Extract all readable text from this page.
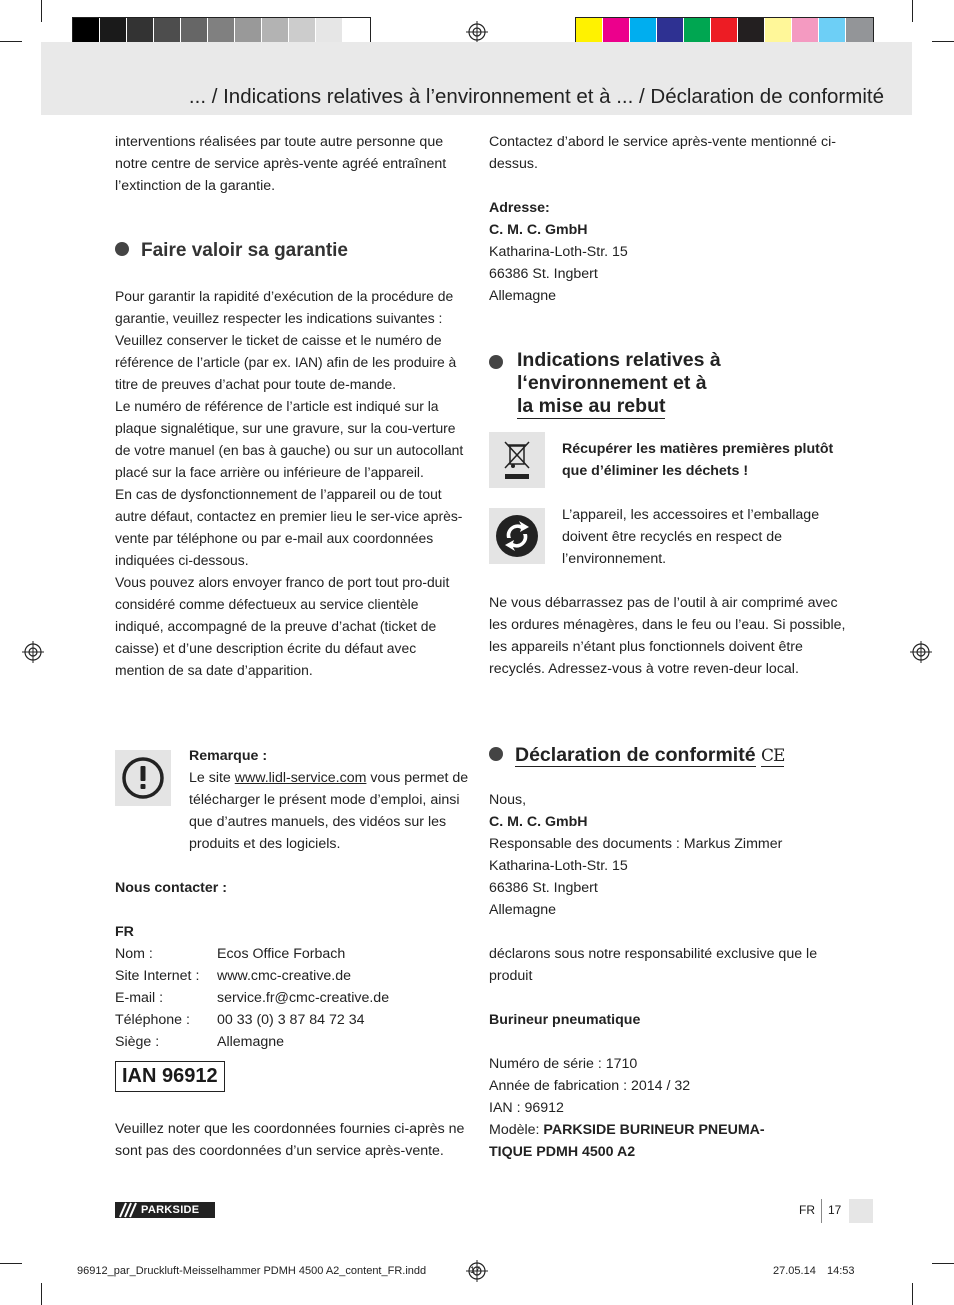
... / Indications relatives à l’environnement et à ... / Déclaration de conformité

interventions réalisées par toute autre personne que notre centre de service après-vente agréé entraînent l’extinction de la garantie.

Faire valoir sa garantie

Pour garantir la rapidité d’exécution de la procédure de garantie, veuillez respecter les indications suivantes : Veuillez conserver le ticket de caisse et le numéro de référence de l’article (par ex. IAN) afin de les produire à titre de preuves d’achat pour toute de-mande.

Le numéro de référence de l’article est indiqué sur la plaque signalétique, sur une gravure, sur la cou-verture de votre manuel (en bas à gauche) ou sur un autocollant placé sur la face arrière ou inférieure de l’appareil.

En cas de dysfonctionnement de l’appareil ou de tout autre défaut, contactez en premier lieu le ser-vice après-vente par téléphone ou par e-mail aux coordonnées indiquées ci-dessous.

Vous pouvez alors envoyer franco de port tout pro-duit considéré comme défectueux au service clientèle indiqué, accompagné de la preuve d’achat (ticket de caisse) et d’une description écrite du défaut avec mention de sa date d’apparition.

Remarque :

Le site www.lidl-service.com vous permet de télécharger le présent mode d’emploi, ainsi que d’autres manuels, des vidéos sur les produits et des logiciels.

Nous contacter :

FR

Nom :	Ecos Office Forbach
Site Internet :	www.cmc-creative.de
E-mail :	service.fr@cmc-creative.de
Téléphone :	00 33 (0) 3 87 84 72 34
Siège :	Allemagne
IAN 96912

Veuillez noter que les coordonnées fournies ci-après ne sont pas des coordonnées d’un service après-vente.

Contactez d’abord le service après-vente mentionné ci-dessus.

Adresse:

C. M. C. GmbH

Katharina-Loth-Str. 15

66386 St. Ingbert

Allemagne

Indications relatives à
l‘environnement et à
la mise au rebut

Récupérer les matières premières plutôt que d’éliminer les déchets !

L’appareil, les accessoires et l’emballage doivent être recyclés en respect de l’environnement.

Ne vous débarrassez pas de l’outil à air comprimé avec les ordures ménagères, dans le feu ou l’eau. Si possible, les appareils n’étant plus fonctionnels doivent être recyclés. Adressez-vous à votre reven-deur local.

Déclaration de conformité CE

Nous,

C. M. C. GmbH

Responsable des documents : Markus Zimmer

Katharina-Loth-Str. 15

66386 St. Ingbert

Allemagne

déclarons sous notre responsabilité exclusive que le produit

Burineur pneumatique

Numéro de série : 1710

Année de fabrication : 2014 / 32

IAN : 96912

Modèle: PARKSIDE BURINEUR PNEUMA-

TIQUE PDMH 4500 A2

PARKSIDE	FR 17
96912_par_Druckluft-Meisselhammer PDMH 4500 A2_content_FR.indd	17	27.05.14 14:53
